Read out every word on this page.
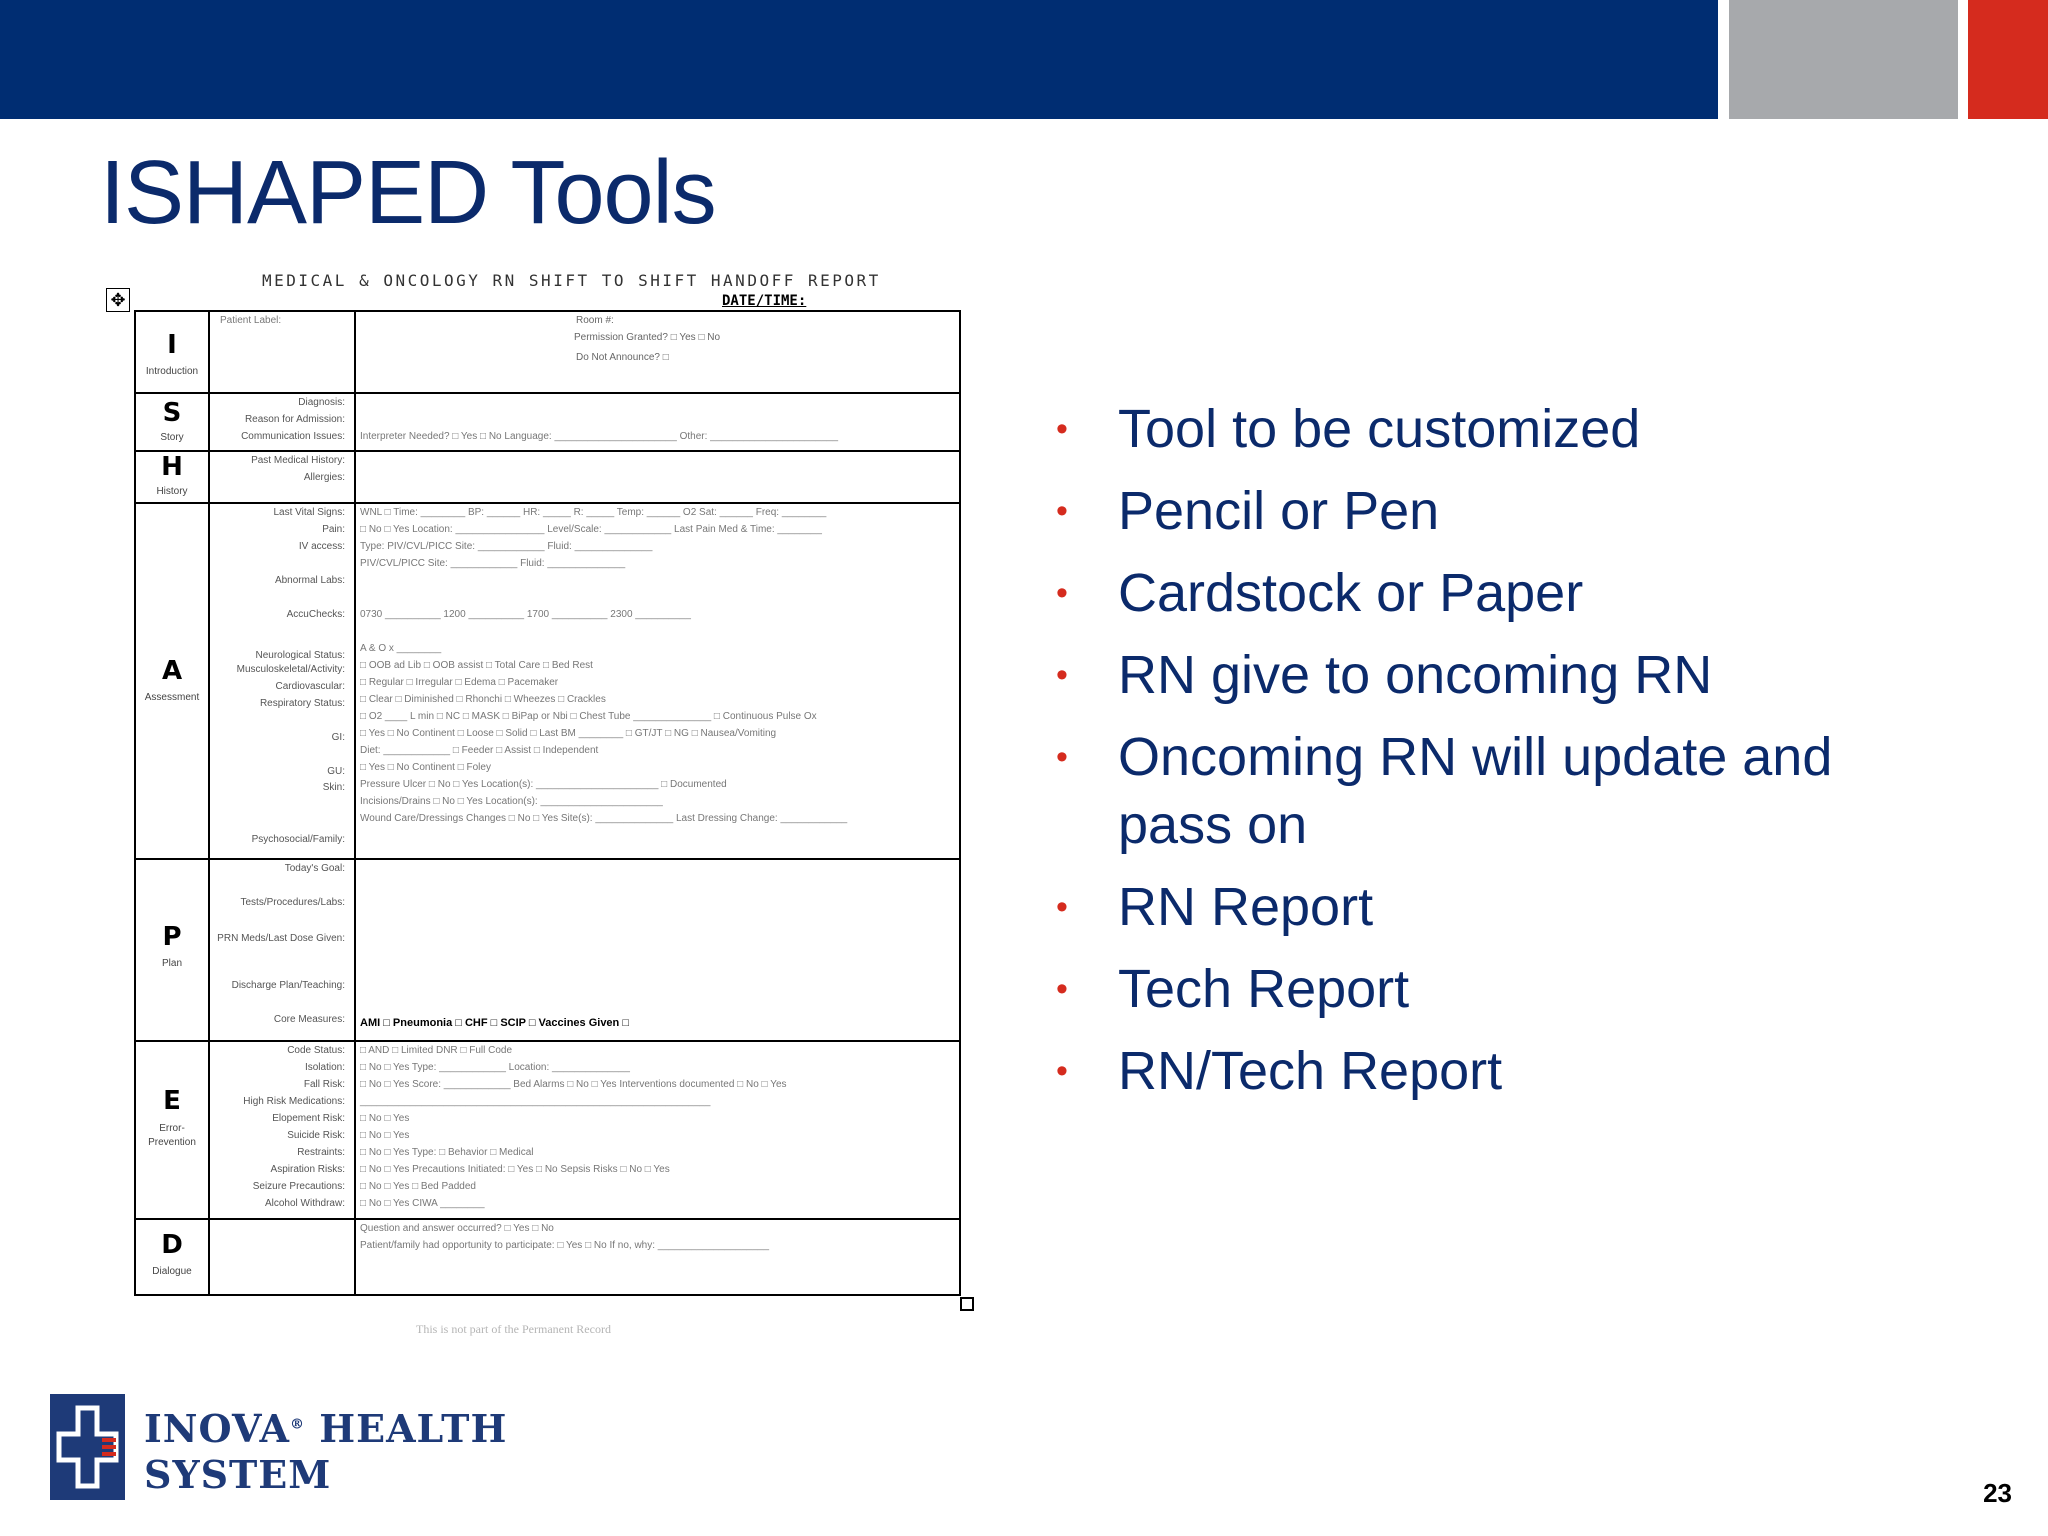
ISHAPED Tools
MEDICAL & ONCOLOGY RN SHIFT TO SHIFT HANDOFF REPORT
DATE/TIME:
✥
I
Introduction
Patient Label:	Room #:
Permission Granted? □ Yes □ No
Do Not Announce? □
S
Story
Diagnosis:
Reason for Admission:
Communication Issues: Interpreter Needed? □ Yes □ No Language: ______________________ Other: _______________________
H
History
Past Medical History:
Allergies:
A
Assessment
Last Vital Signs:
Pain:
IV access:
Abnormal Labs:
AccuChecks:
Neurological Status:
Musculoskeletal/Activity:
Cardiovascular:
Respiratory Status:
GI:
GU:
Skin:
Psychosocial/Family:
WNL □ Time: ________ BP: ______ HR: _____ R: _____ Temp: ______ O2 Sat: ______ Freq: ________
□ No □ Yes Location: ________________ Level/Scale: ____________ Last Pain Med & Time: ________
Type: PIV/CVL/PICC Site: ____________ Fluid: ______________
PIV/CVL/PICC Site: ____________ Fluid: ______________
0730 __________ 1200 __________ 1700 __________ 2300 __________
A & O x ________
□ OOB ad Lib □ OOB assist □ Total Care □ Bed Rest
□ Regular □ Irregular □ Edema □ Pacemaker
□ Clear □ Diminished □ Rhonchi □ Wheezes □ Crackles
□ O2 ____ L min □ NC □ MASK □ BiPap or Nbi □ Chest Tube ______________ □ Continuous Pulse Ox
□ Yes □ No Continent □ Loose □ Solid □ Last BM ________ □ GT/JT □ NG □ Nausea/Vomiting
Diet: ____________ □ Feeder □ Assist □ Independent
□ Yes □ No Continent □ Foley
Pressure Ulcer □ No □ Yes Location(s): ______________________ □ Documented
Incisions/Drains □ No □ Yes Location(s): ______________________
Wound Care/Dressings Changes □ No □ Yes Site(s): ______________ Last Dressing Change: ____________
P
Plan
Today's Goal:
Tests/Procedures/Labs:
PRN Meds/Last Dose Given:
Discharge Plan/Teaching:
Core Measures: AMI □ Pneumonia □ CHF □ SCIP □ Vaccines Given □
E
Error-Prevention
Code Status:
Isolation:
Fall Risk:
High Risk Medications:
Elopement Risk:
Suicide Risk:
Restraints:
Aspiration Risks:
Seizure Precautions:
Alcohol Withdraw:
□ AND □ Limited DNR □ Full Code
□ No □ Yes Type: ____________ Location: ______________
□ No □ Yes Score: ____________ Bed Alarms □ No □ Yes Interventions documented □ No □ Yes
_______________________________________________________________
□ No □ Yes
□ No □ Yes
□ No □ Yes Type: □ Behavior □ Medical
□ No □ Yes Precautions Initiated: □ Yes □ No Sepsis Risks □ No □ Yes
□ No □ Yes □ Bed Padded
□ No □ Yes CIWA ________
D
Dialogue
Question and answer occurred? □ Yes □ No
Patient/family had opportunity to participate: □ Yes □ No If no, why: ____________________
This is not part of the Permanent Record
• Tool to be customized
• Pencil or Pen
• Cardstock or Paper
• RN give to oncoming RN
• Oncoming RN will update and pass on
• RN Report
• Tech Report
• RN/Tech Report
INOVA® HEALTH
SYSTEM	23
